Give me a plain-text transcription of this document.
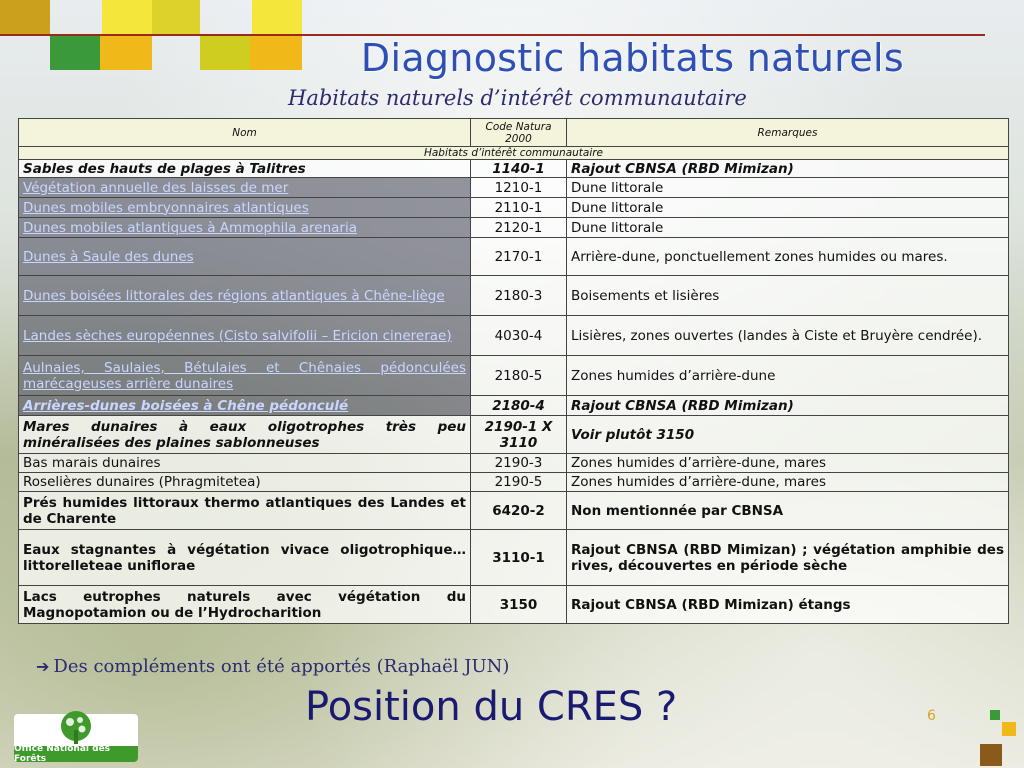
Diagnostic habitats naturels
Habitats naturels d’intérêt communautaire
Nom	Code Natura 2000	Remarques
Habitats d’intérêt communautaire		
Sables des hauts de plages à Talitres	1140-1	Rajout CBNSA (RBD Mimizan)
Végétation annuelle des laisses de mer	1210-1	Dune littorale
Dunes mobiles embryonnaires atlantiques	2110-1	Dune littorale
Dunes mobiles atlantiques à Ammophila arenaria	2120-1	Dune littorale
Dunes à Saule des dunes	2170-1	Arrière-dune, ponctuellement zones humides ou mares.
Dunes boisées littorales des régions atlantiques à Chêne-liège	2180-3	Boisements et lisières
Landes sèches européennes (Cisto salvifolii – Ericion cinererae)	4030-4	Lisières, zones ouvertes (landes à Ciste et Bruyère cendrée).
Aulnaies, Saulaies, Bétulaies et Chênaies pédonculées marécageuses arrière dunaires	2180-5	Zones humides d’arrière-dune
Arrières-dunes boisées à Chêne pédonculé	2180-4	Rajout CBNSA (RBD Mimizan)
Mares dunaires à eaux oligotrophes très peu minéralisées des plaines sablonneuses	2190-1 X 3110	Voir plutôt 3150
Bas marais dunaires	2190-3	Zones humides d’arrière-dune, mares
Roselières dunaires (Phragmitetea)	2190-5	Zones humides d’arrière-dune, mares
Prés humides littoraux thermo atlantiques des Landes et de Charente	6420-2	Non mentionnée par CBNSA
Eaux stagnantes à végétation vivace oligotrophique… littorelleteae uniflorae	3110-1	Rajout CBNSA (RBD Mimizan) ; végétation amphibie des rives, découvertes en période sèche
Lacs eutrophes naturels avec végétation du Magnopotamion ou de l’Hydrocharition	3150	Rajout CBNSA (RBD Mimizan) étangs
➔ Des compléments ont été apportés (Raphaël JUN)
Position du CRES ?	6
Office National des Forêts
